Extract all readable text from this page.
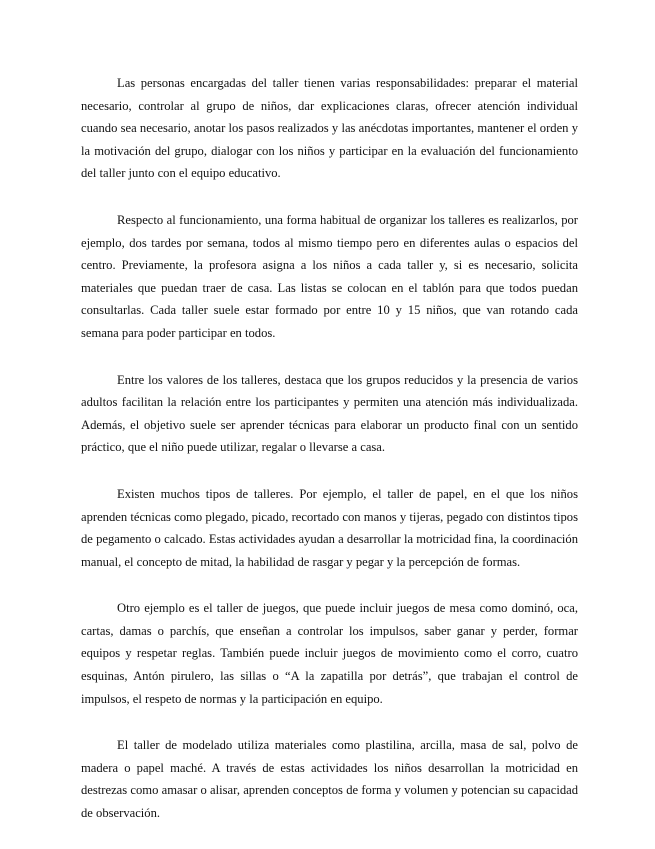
Las personas encargadas del taller tienen varias responsabilidades: preparar el material necesario, controlar al grupo de niños, dar explicaciones claras, ofrecer atención individual cuando sea necesario, anotar los pasos realizados y las anécdotas importantes, mantener el orden y la motivación del grupo, dialogar con los niños y participar en la evaluación del funcionamiento del taller junto con el equipo educativo.

Respecto al funcionamiento, una forma habitual de organizar los talleres es realizarlos, por ejemplo, dos tardes por semana, todos al mismo tiempo pero en diferentes aulas o espacios del centro. Previamente, la profesora asigna a los niños a cada taller y, si es necesario, solicita materiales que puedan traer de casa. Las listas se colocan en el tablón para que todos puedan consultarlas. Cada taller suele estar formado por entre 10 y 15 niños, que van rotando cada semana para poder participar en todos.

Entre los valores de los talleres, destaca que los grupos reducidos y la presencia de varios adultos facilitan la relación entre los participantes y permiten una atención más individualizada. Además, el objetivo suele ser aprender técnicas para elaborar un producto final con un sentido práctico, que el niño puede utilizar, regalar o llevarse a casa.

Existen muchos tipos de talleres. Por ejemplo, el taller de papel, en el que los niños aprenden técnicas como plegado, picado, recortado con manos y tijeras, pegado con distintos tipos de pegamento o calcado. Estas actividades ayudan a desarrollar la motricidad fina, la coordinación manual, el concepto de mitad, la habilidad de rasgar y pegar y la percepción de formas.

Otro ejemplo es el taller de juegos, que puede incluir juegos de mesa como dominó, oca, cartas, damas o parchís, que enseñan a controlar los impulsos, saber ganar y perder, formar equipos y respetar reglas. También puede incluir juegos de movimiento como el corro, cuatro esquinas, Antón pirulero, las sillas o “A la zapatilla por detrás”, que trabajan el control de impulsos, el respeto de normas y la participación en equipo.

El taller de modelado utiliza materiales como plastilina, arcilla, masa de sal, polvo de madera o papel maché. A través de estas actividades los niños desarrollan la motricidad en destrezas como amasar o alisar, aprenden conceptos de forma y volumen y potencian su capacidad de observación.
